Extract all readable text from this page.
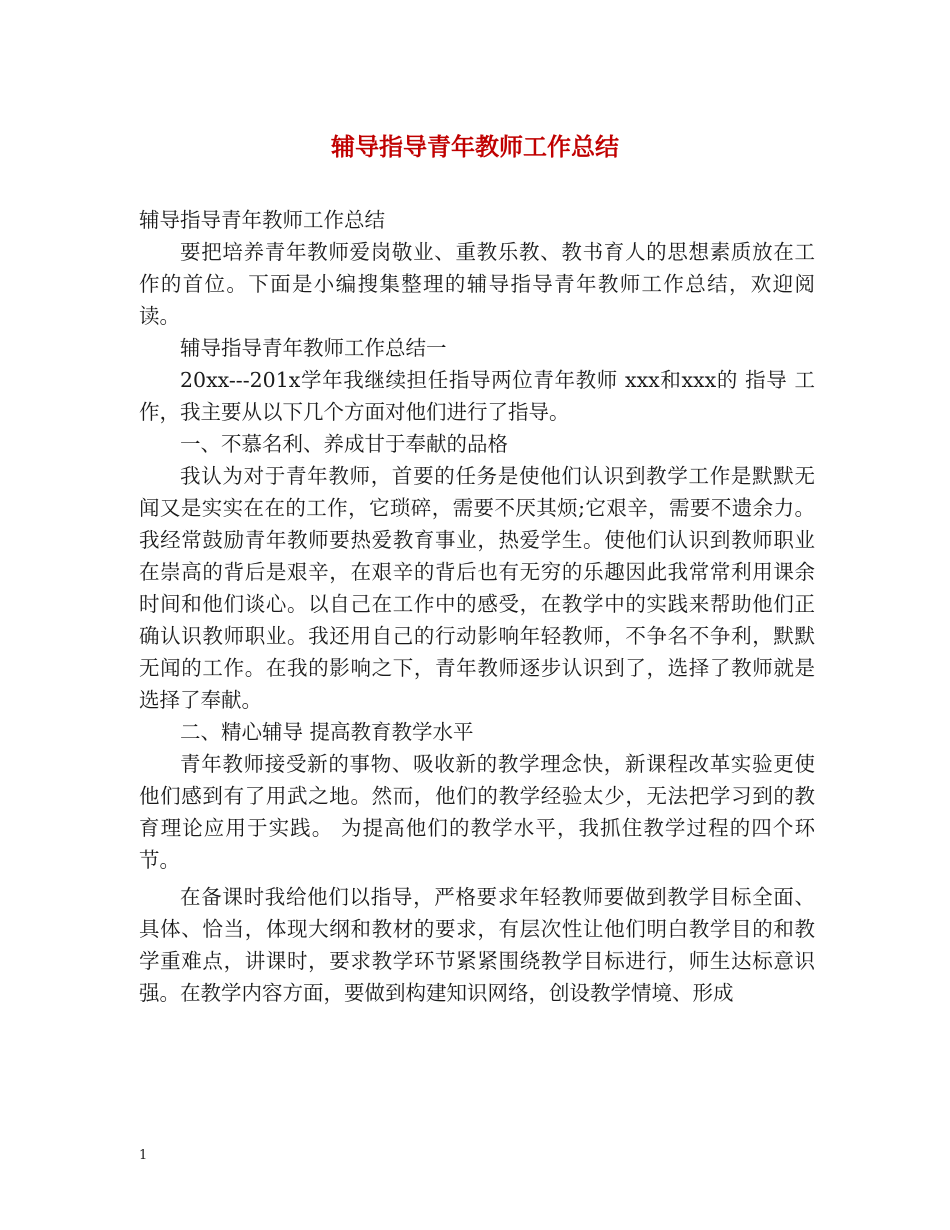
辅导指导青年教师工作总结

辅导指导青年教师工作总结

要把培养青年教师爱岗敬业、重教乐教、教书育人的思想素质放在工作的首位。下面是小编搜集整理的辅导指导青年教师工作总结，欢迎阅读。

辅导指导青年教师工作总结一

20xx---201x学年我继续担任指导两位青年教师 xxx和xxx的 指导 工作，我主要从以下几个方面对他们进行了指导。

一、不慕名利、养成甘于奉献的品格

我认为对于青年教师，首要的任务是使他们认识到教学工作是默默无闻又是实实在在的工作，它琐碎，需要不厌其烦;它艰辛，需要不遗余力。我经常鼓励青年教师要热爱教育事业，热爱学生。使他们认识到教师职业在崇高的背后是艰辛，在艰辛的背后也有无穷的乐趣因此我常常利用课余时间和他们谈心。以自己在工作中的感受，在教学中的实践来帮助他们正确认识教师职业。我还用自己的行动影响年轻教师，不争名不争利，默默无闻的工作。在我的影响之下，青年教师逐步认识到了，选择了教师就是选择了奉献。

二、精心辅导 提高教育教学水平

青年教师接受新的事物、吸收新的教学理念快，新课程改革实验更使他们感到有了用武之地。然而，他们的教学经验太少，无法把学习到的教育理论应用于实践。 为提高他们的教学水平，我抓住教学过程的四个环节。

在备课时我给他们以指导，严格要求年轻教师要做到教学目标全面、具体、恰当，体现大纲和教材的要求，有层次性让他们明白教学目的和教学重难点，讲课时，要求教学环节紧紧围绕教学目标进行，师生达标意识强。在教学内容方面，要做到构建知识网络，创设教学情境、形成

1
